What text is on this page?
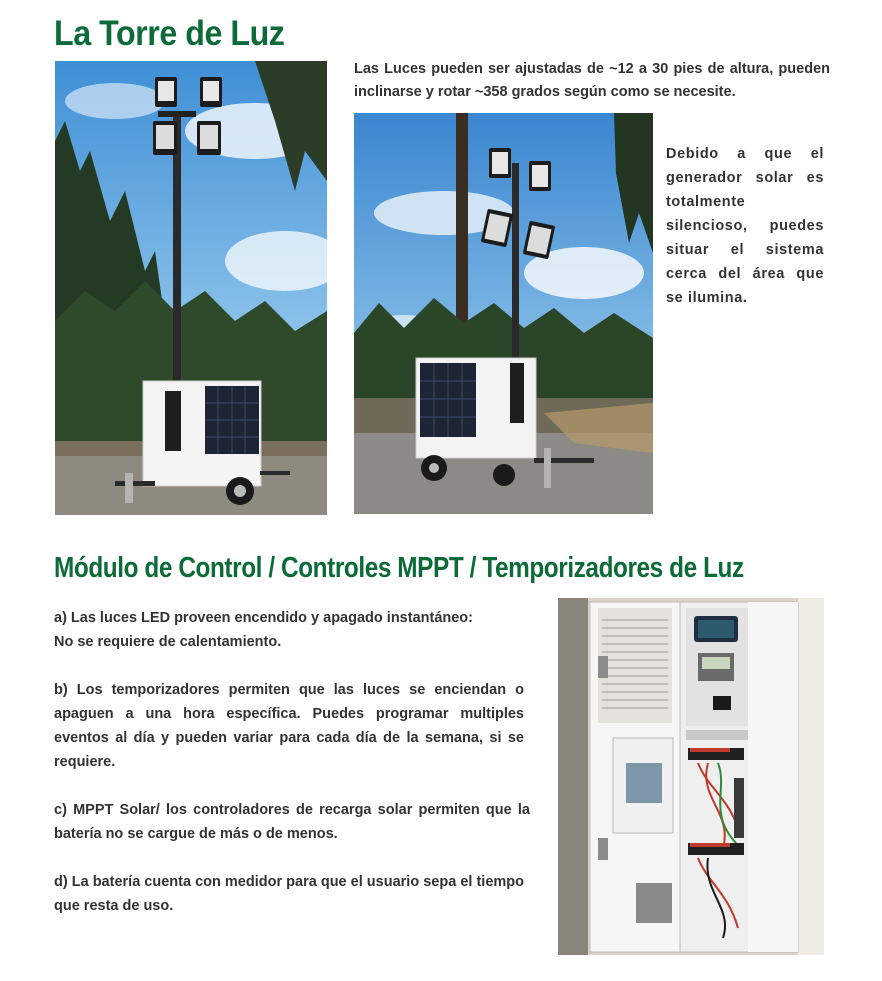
La Torre de Luz

Las Luces pueden ser ajustadas de ~12 a 30 pies de altura, pueden inclinarse y rotar ~358 grados según como se necesite.

Debido a que el generador solar es totalmente silencioso, puedes situar el sistema cerca del área que se ilumina.

Módulo de Control / Controles MPPT / Temporizadores de Luz

a) Las luces LED proveen encendido y apagado instantáneo:
No se requiere de calentamiento.

b) Los temporizadores permiten que las luces se enciendan o apaguen a una hora específica. Puedes programar multiples eventos al día y pueden variar para cada día de la semana, si se requiere.

c) MPPT Solar/ los controladores de recarga solar permiten que la batería no se cargue de más o de menos.

d) La batería cuenta con medidor para que el usuario sepa el tiempo que resta de uso.
